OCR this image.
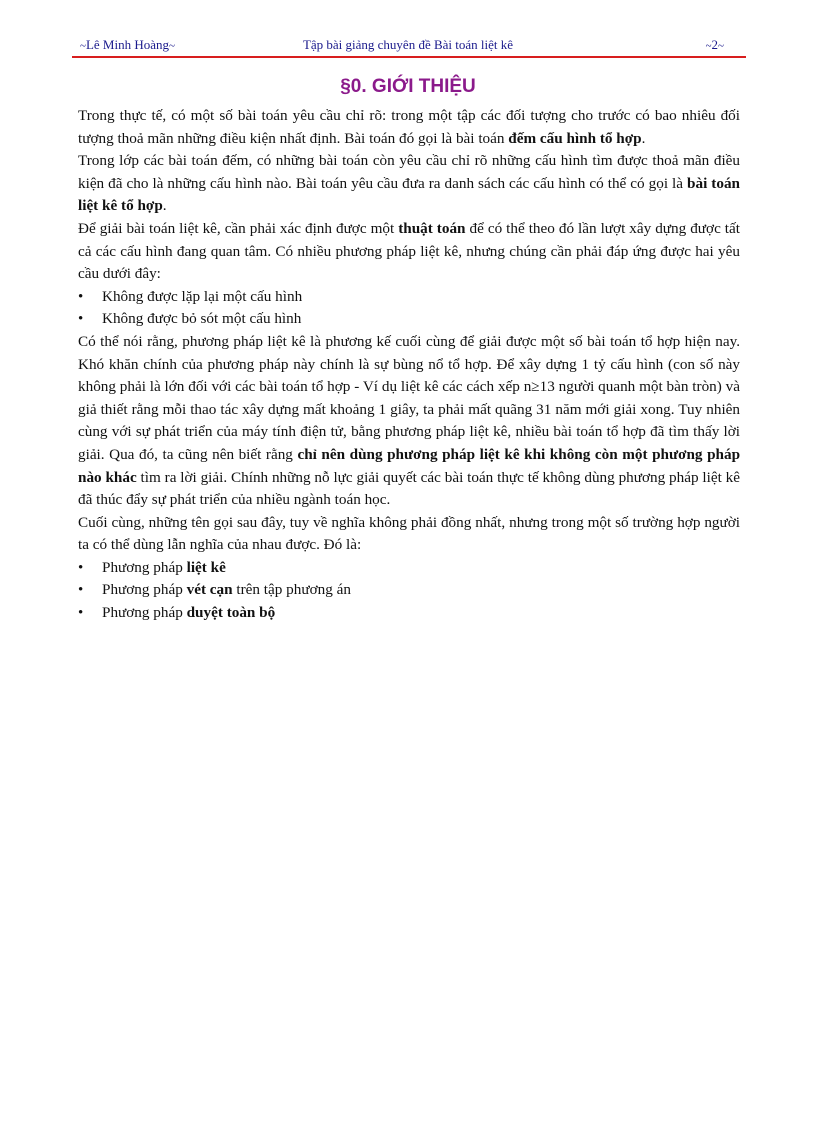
~Lê Minh Hoàng~	Tập bài giảng chuyên đề Bài toán liệt kê	~2~
§0. GIỚI THIỆU

Trong thực tế, có một số bài toán yêu cầu chỉ rõ: trong một tập các đối tượng cho trước có bao nhiêu đối tượng thoả mãn những điều kiện nhất định. Bài toán đó gọi là bài toán đếm cấu hình tổ hợp.

Trong lớp các bài toán đếm, có những bài toán còn yêu cầu chỉ rõ những cấu hình tìm được thoả mãn điều kiện đã cho là những cấu hình nào. Bài toán yêu cầu đưa ra danh sách các cấu hình có thể có gọi là bài toán liệt kê tổ hợp.

Để giải bài toán liệt kê, cần phải xác định được một thuật toán để có thể theo đó lần lượt xây dựng được tất cả các cấu hình đang quan tâm. Có nhiều phương pháp liệt kê, nhưng chúng cần phải đáp ứng được hai yêu cầu dưới đây:

• Không được lặp lại một cấu hình
• Không được bỏ sót một cấu hình

Có thể nói rằng, phương pháp liệt kê là phương kế cuối cùng để giải được một số bài toán tổ hợp hiện nay. Khó khăn chính của phương pháp này chính là sự bùng nổ tổ hợp. Để xây dựng 1 tỷ cấu hình (con số này không phải là lớn đối với các bài toán tổ hợp - Ví dụ liệt kê các cách xếp n≥13 người quanh một bàn tròn) và giả thiết rằng mỗi thao tác xây dựng mất khoảng 1 giây, ta phải mất quãng 31 năm mới giải xong. Tuy nhiên cùng với sự phát triển của máy tính điện tử, bằng phương pháp liệt kê, nhiều bài toán tổ hợp đã tìm thấy lời giải. Qua đó, ta cũng nên biết rằng chỉ nên dùng phương pháp liệt kê khi không còn một phương pháp nào khác tìm ra lời giải. Chính những nỗ lực giải quyết các bài toán thực tế không dùng phương pháp liệt kê đã thúc đẩy sự phát triển của nhiều ngành toán học.

Cuối cùng, những tên gọi sau đây, tuy về nghĩa không phải đồng nhất, nhưng trong một số trường hợp người ta có thể dùng lẫn nghĩa của nhau được. Đó là:

• Phương pháp liệt kê
• Phương pháp vét cạn trên tập phương án
• Phương pháp duyệt toàn bộ
